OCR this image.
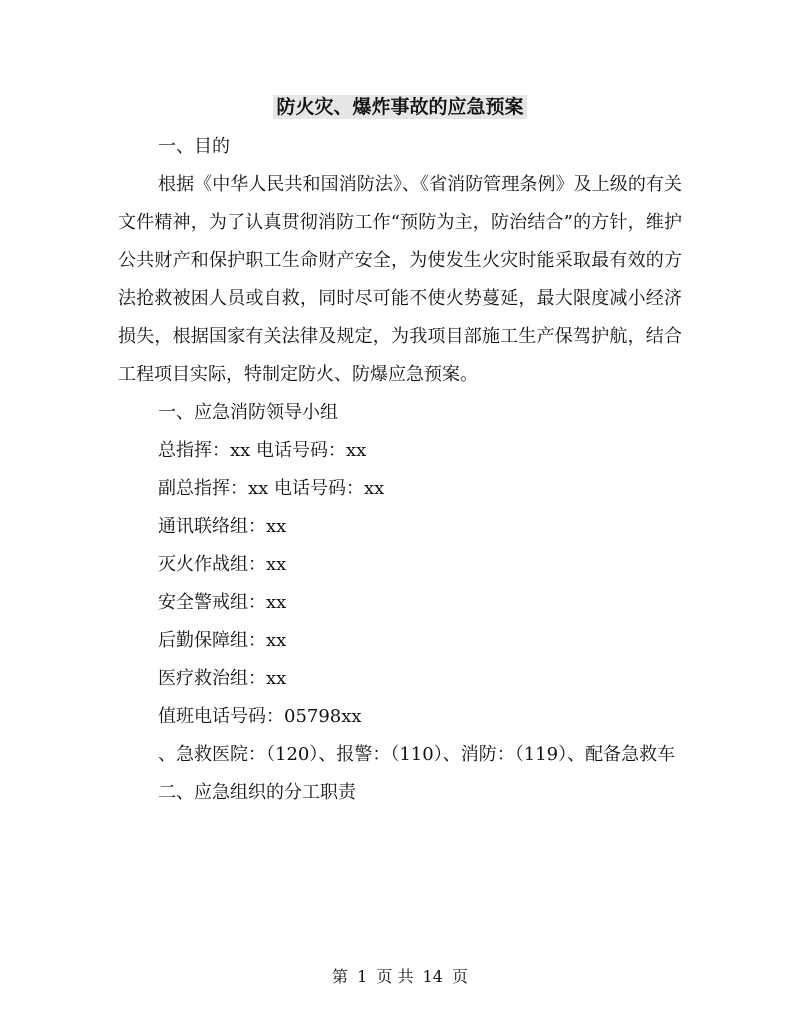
防火灾、爆炸事故的应急预案

一、目的

根据《中华人民共和国消防法》、《省消防管理条例》及上级的有关文件精神，为了认真贯彻消防工作“预防为主，防治结合”的方针，维护公共财产和保护职工生命财产安全，为使发生火灾时能采取最有效的方法抢救被困人员或自救，同时尽可能不使火势蔓延，最大限度减小经济损失，根据国家有关法律及规定，为我项目部施工生产保驾护航，结合工程项目实际，特制定防火、防爆应急预案。

一、应急消防领导小组

总指挥：xx 电话号码：xx

副总指挥：xx 电话号码：xx

通讯联络组：xx

灭火作战组：xx

安全警戒组：xx

后勤保障组：xx

医疗救治组：xx

值班电话号码：05798xx

、急救医院：（120）、报警：（110）、消防：（119）、配备急救车

二、应急组织的分工职责

第 1 页 共 14 页
